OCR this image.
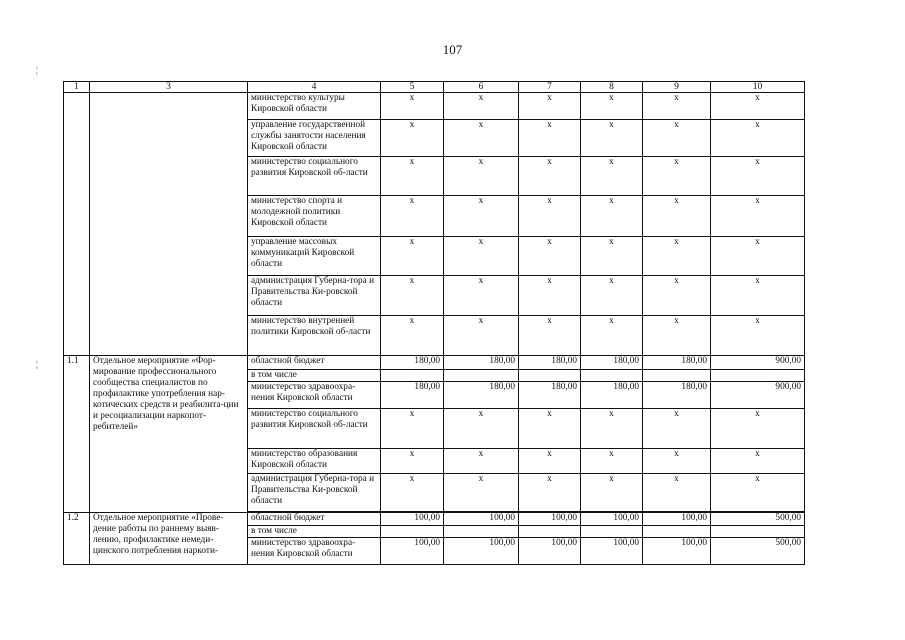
107
¦
¦
1	3	4	5	6	7	8	9	10
		министерство культуры Кировской области	x	x	x	x	x	x
		управление государственной службы занятости населения Кировской области	x	x	x	x	x	x
		министерство социального развития Кировской об-ласти	x	x	x	x	x	x
		министерство спорта и молодежной политики Кировской области	x	x	x	x	x	x
		управление массовых коммуникаций Кировской области	x	x	x	x	x	x
		администрация Губерна-тора и Правительства Ки-ровской области	x	x	x	x	x	x
		министерство внутренней политики Кировской об-ласти	x	x	x	x	x	x
1.1	Отдельное мероприятие «Фор-мирование профессионального сообщества специалистов по профилактике употребления нар-котических средств и реабилита-ции и ресоциализации наркопот-ребителей»	областной бюджет	180,00	180,00	180,00	180,00	180,00	900,00
		в том числе						
		министерство здравоохра-нения Кировской области	180,00	180,00	180,00	180,00	180,00	900,00
		министерство социального развития Кировской об-ласти	x	x	x	x	x	x
		министерство образования Кировской области	x	x	x	x	x	x
		администрация Губерна-тора и Правительства Ки-ровской области	x	x	x	x	x	x

1.2	Отдельное мероприятие «Прове-дение работы по раннему выяв-лению, профилактике немеди-цинского потребления наркоти-	областной бюджет	100,00	100,00	100,00	100,00	100,00	500,00
		в том числе						
		министерство здравоохра-нения Кировской области	100,00	100,00	100,00	100,00	100,00	500,00
